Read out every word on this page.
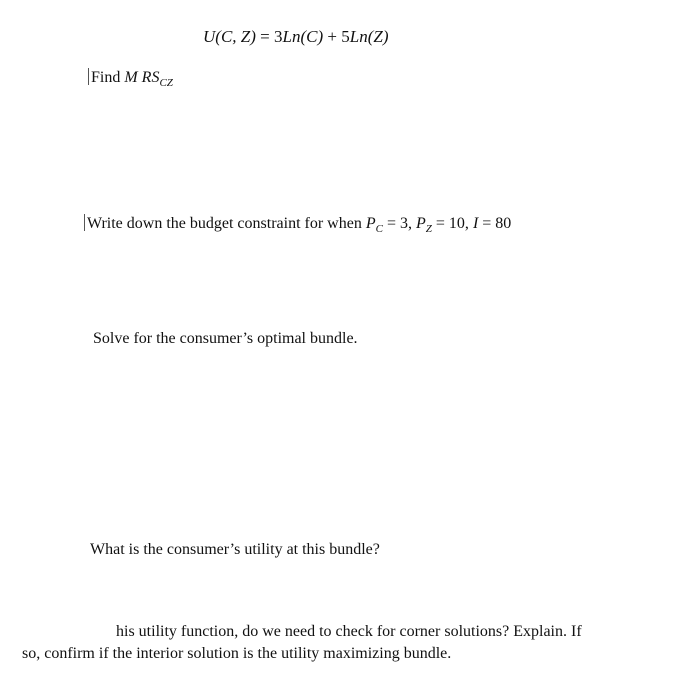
U(C, Z) = 3Ln(C) + 5Ln(Z)
Find M $RS_{CZ}$
Write down the budget constraint for when $P_C = 3$, $P_Z = 10$, I = 80
Solve for the consumer’s optimal bundle.
What is the consumer’s utility at this bundle?
his utility function, do we need to check for corner solutions? Explain. If
so, confirm if the interior solution is the utility maximizing bundle.
